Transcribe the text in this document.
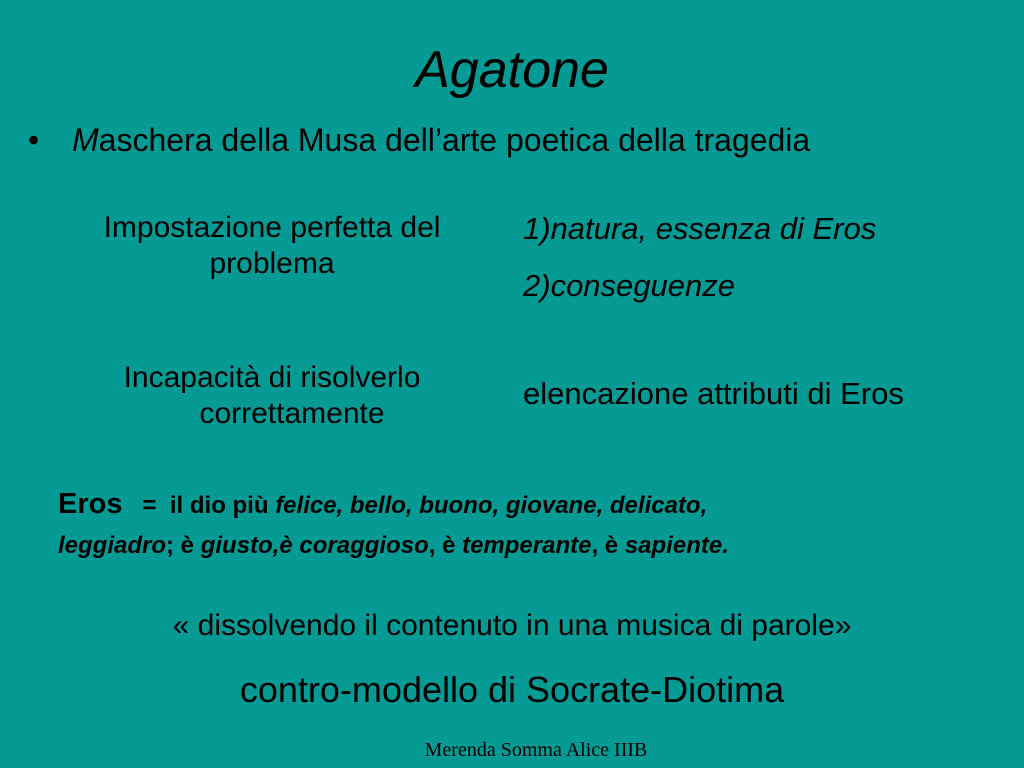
Agatone
• Maschera della Musa dell’arte poetica della tragedia
Impostazione perfetta del
problema
Incapacità di risolverlo
correttamente
1)natura, essenza di Eros
2)conseguenze
elencazione attributi di Eros
Eros = il dio più felice, bello, buono, giovane, delicato,
leggiadro; è giusto,è coraggioso, è temperante, è sapiente.
« dissolvendo il contenuto in una musica di parole»
contro-modello di Socrate-Diotima
Merenda Somma Alice IIIB
